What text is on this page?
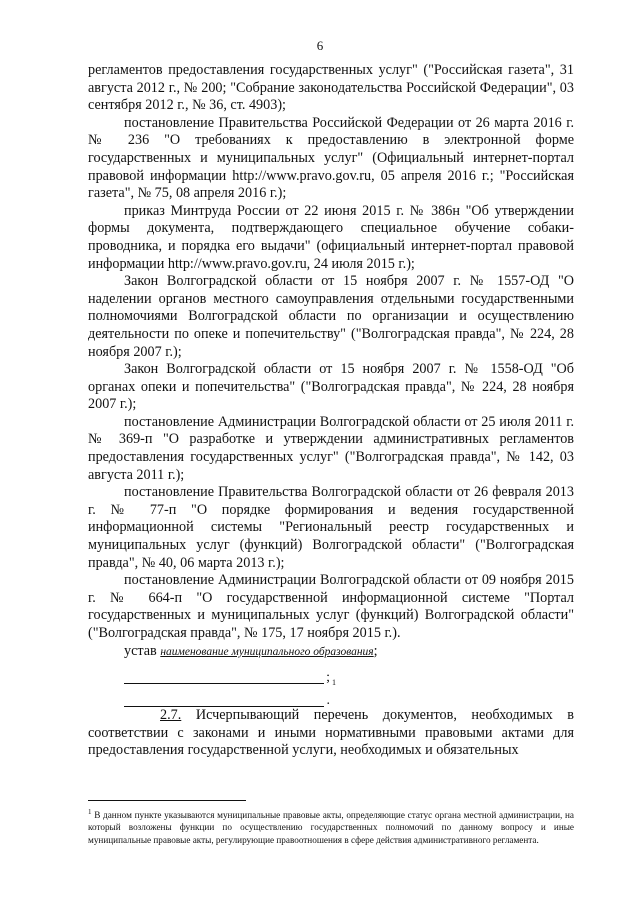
6

регламентов предоставления государственных услуг" ("Российская газета", 31 августа 2012 г., № 200; "Собрание законодательства Российской Федерации", 03 сентября 2012 г., № 36, ст. 4903);

постановление Правительства Российской Федерации от 26 марта 2016 г. № 236 "О требованиях к предоставлению в электронной форме государственных и муниципальных услуг" (Официальный интернет-портал правовой информации http://www.pravo.gov.ru, 05 апреля 2016 г.; "Российская газета", № 75, 08 апреля 2016 г.);

приказ Минтруда России от 22 июня 2015 г. № 386н "Об утверждении формы документа, подтверждающего специальное обучение собаки-проводника, и порядка его выдачи" (официальный интернет-портал правовой информации http://www.pravo.gov.ru, 24 июля 2015 г.);

Закон Волгоградской области от 15 ноября 2007 г. № 1557-ОД "О наделении органов местного самоуправления отдельными государственными полномочиями Волгоградской области по организации и осуществлению деятельности по опеке и попечительству" ("Волгоградская правда", № 224, 28 ноября 2007 г.);

Закон Волгоградской области от 15 ноября 2007 г. № 1558-ОД "Об органах опеки и попечительства" ("Волгоградская правда", № 224, 28 ноября 2007 г.);

постановление Администрации Волгоградской области от 25 июля 2011 г. № 369-п "О разработке и утверждении административных регламентов предоставления государственных услуг" ("Волгоградская правда", № 142, 03 августа 2011 г.);

постановление Правительства Волгоградской области от 26 февраля 2013 г. № 77-п "О порядке формирования и ведения государственной информационной системы "Региональный реестр государственных и муниципальных услуг (функций) Волгоградской области" ("Волгоградская правда", № 40, 06 марта 2013 г.);

постановление Администрации Волгоградской области от 09 ноября 2015 г. № 664-п "О государственной информационной системе "Портал государственных и муниципальных услуг (функций) Волгоградской области" ("Волгоградская правда", № 175, 17 ноября 2015 г.).

устав наименование муниципального образования;

; 1
.

2.7. Исчерпывающий перечень документов, необходимых в соответствии с законами и иными нормативными правовыми актами для предоставления государственной услуги, необходимых и обязательных

$^1$ В данном пункте указываются муниципальные правовые акты, определяющие статус органа местной администрации, на который возложены функции по осуществлению государственных полномочий по данному вопросу и иные муниципальные правовые акты, регулирующие правоотношения в сфере действия административного регламента.
